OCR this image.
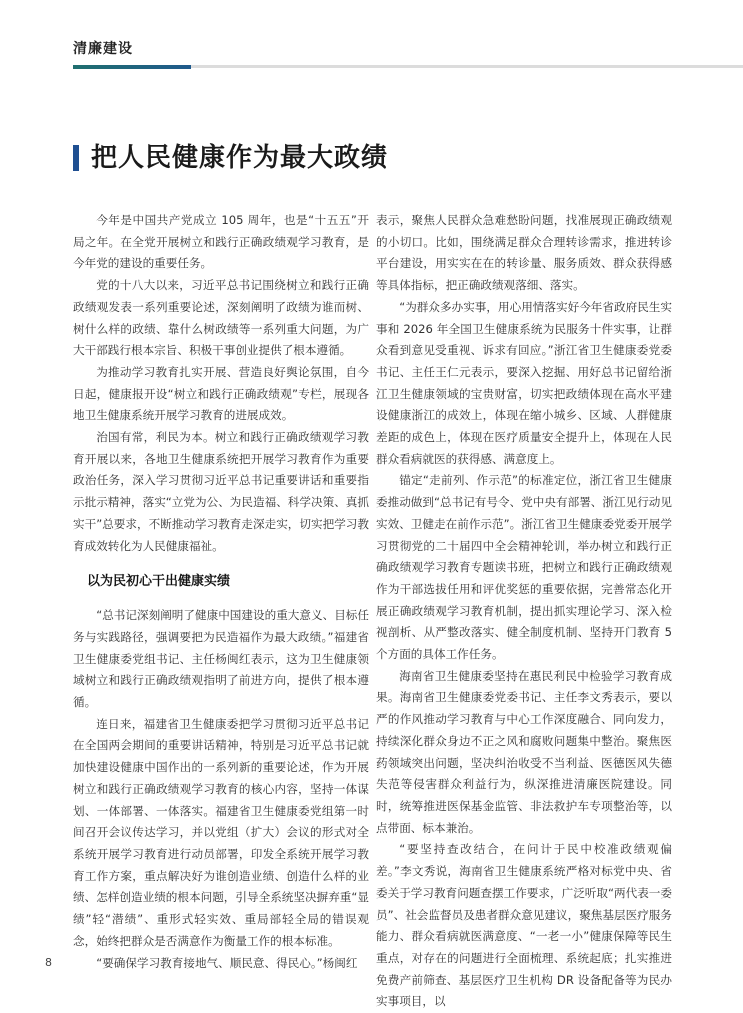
清廉建设
把人民健康作为最大政绩

今年是中国共产党成立 105 周年，也是“十五五”开局之年。在全党开展树立和践行正确政绩观学习教育，是今年党的建设的重要任务。

党的十八大以来，习近平总书记围绕树立和践行正确政绩观发表一系列重要论述，深刻阐明了政绩为谁而树、树什么样的政绩、靠什么树政绩等一系列重大问题，为广大干部践行根本宗旨、积极干事创业提供了根本遵循。

为推动学习教育扎实开展、营造良好舆论氛围，自今日起，健康报开设“树立和践行正确政绩观”专栏，展现各地卫生健康系统开展学习教育的进展成效。

治国有常，利民为本。树立和践行正确政绩观学习教育开展以来，各地卫生健康系统把开展学习教育作为重要政治任务，深入学习贯彻习近平总书记重要讲话和重要指示批示精神，落实“立党为公、为民造福、科学决策、真抓实干”总要求，不断推动学习教育走深走实，切实把学习教育成效转化为人民健康福祉。

以为民初心干出健康实绩

“总书记深刻阐明了健康中国建设的重大意义、目标任务与实践路径，强调要把为民造福作为最大政绩。”福建省卫生健康委党组书记、主任杨闽红表示，这为卫生健康领域树立和践行正确政绩观指明了前进方向，提供了根本遵循。

连日来，福建省卫生健康委把学习贯彻习近平总书记在全国两会期间的重要讲话精神，特别是习近平总书记就加快建设健康中国作出的一系列新的重要论述，作为开展树立和践行正确政绩观学习教育的核心内容，坚持一体谋划、一体部署、一体落实。福建省卫生健康委党组第一时间召开会议传达学习，并以党组（扩大）会议的形式对全系统开展学习教育进行动员部署，印发全系统开展学习教育工作方案，重点解决好为谁创造业绩、创造什么样的业绩、怎样创造业绩的根本问题，引导全系统坚决摒弃重“显绩”轻“潜绩”、重形式轻实效、重局部轻全局的错误观念，始终把群众是否满意作为衡量工作的根本标准。

“要确保学习教育接地气、顺民意、得民心。”杨闽红

表示，聚焦人民群众急难愁盼问题，找准展现正确政绩观的小切口。比如，围绕满足群众合理转诊需求，推进转诊平台建设，用实实在在的转诊量、服务质效、群众获得感等具体指标，把正确政绩观落细、落实。

“为群众多办实事，用心用情落实好今年省政府民生实事和 2026 年全国卫生健康系统为民服务十件实事，让群众看到意见受重视、诉求有回应。”浙江省卫生健康委党委书记、主任王仁元表示，要深入挖掘、用好总书记留给浙江卫生健康领域的宝贵财富，切实把政绩体现在高水平建设健康浙江的成效上，体现在缩小城乡、区域、人群健康差距的成色上，体现在医疗质量安全提升上，体现在人民群众看病就医的获得感、满意度上。

锚定“走前列、作示范”的标准定位，浙江省卫生健康委推动做到“总书记有号令、党中央有部署、浙江见行动见实效、卫健走在前作示范”。浙江省卫生健康委党委开展学习贯彻党的二十届四中全会精神轮训，举办树立和践行正确政绩观学习教育专题读书班，把树立和践行正确政绩观作为干部选拔任用和评优奖惩的重要依据，完善常态化开展正确政绩观学习教育机制，提出抓实理论学习、深入检视剖析、从严整改落实、健全制度机制、坚持开门教育 5 个方面的具体工作任务。

海南省卫生健康委坚持在惠民利民中检验学习教育成果。海南省卫生健康委党委书记、主任李文秀表示，要以严的作风推动学习教育与中心工作深度融合、同向发力，持续深化群众身边不正之风和腐败问题集中整治。聚焦医药领域突出问题，坚决纠治收受不当利益、医德医风失德失范等侵害群众利益行为，纵深推进清廉医院建设。同时，统筹推进医保基金监管、非法救护车专项整治等，以点带面、标本兼治。

“要坚持查改结合，在问计于民中校准政绩观偏差。”李文秀说，海南省卫生健康系统严格对标党中央、省委关于学习教育问题查摆工作要求，广泛听取“两代表一委员”、社会监督员及患者群众意见建议，聚焦基层医疗服务能力、群众看病就医满意度、“一老一小”健康保障等民生重点，对存在的问题进行全面梳理、系统起底；扎实推进免费产前筛查、基层医疗卫生机构 DR 设备配备等为民办实事项目，以

8
